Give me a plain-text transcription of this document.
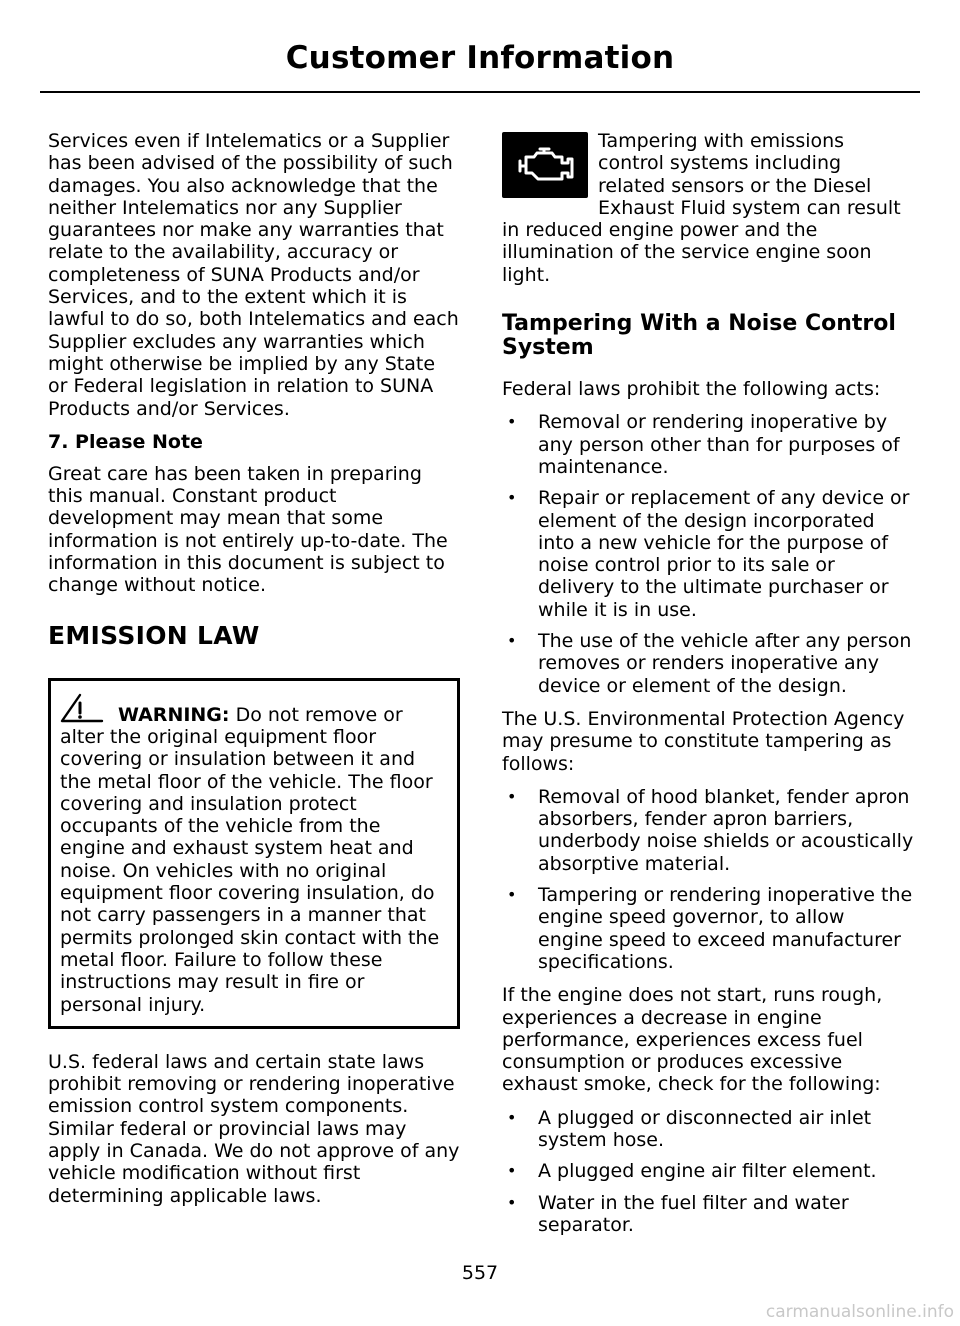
Customer Information

Services even if Intelematics or a Supplier has been advised of the possibility of such damages. You also acknowledge that the neither Intelematics nor any Supplier guarantees nor make any warranties that relate to the availability, accuracy or completeness of SUNA Products and/or Services, and to the extent which it is lawful to do so, both Intelematics and each Supplier excludes any warranties which might otherwise be implied by any State or Federal legislation in relation to SUNA Products and/or Services.

7. Please Note

Great care has been taken in preparing this manual. Constant product development may mean that some information is not entirely up-to-date. The information in this document is subject to change without notice.

EMISSION LAW
WARNING: Do not remove or alter the original equipment floor covering or insulation between it and the metal floor of the vehicle. The floor covering and insulation protect occupants of the vehicle from the engine and exhaust system heat and noise. On vehicles with no original equipment floor covering insulation, do not carry passengers in a manner that permits prolonged skin contact with the metal floor. Failure to follow these instructions may result in fire or personal injury.

U.S. federal laws and certain state laws prohibit removing or rendering inoperative emission control system components. Similar federal or provincial laws may apply in Canada. We do not approve of any vehicle modification without first determining applicable laws.

Tampering with emissions control systems including related sensors or the Diesel Exhaust Fluid system can result in reduced engine power and the illumination of the service engine soon light.

Tampering With a Noise Control System

Federal laws prohibit the following acts:

• Removal or rendering inoperative by any person other than for purposes of maintenance.
• Repair or replacement of any device or element of the design incorporated into a new vehicle for the purpose of noise control prior to its sale or delivery to the ultimate purchaser or while it is in use.
• The use of the vehicle after any person removes or renders inoperative any device or element of the design.

The U.S. Environmental Protection Agency may presume to constitute tampering as follows:

• Removal of hood blanket, fender apron absorbers, fender apron barriers, underbody noise shields or acoustically absorptive material.
• Tampering or rendering inoperative the engine speed governor, to allow engine speed to exceed manufacturer specifications.

If the engine does not start, runs rough, experiences a decrease in engine performance, experiences excess fuel consumption or produces excessive exhaust smoke, check for the following:

• A plugged or disconnected air inlet system hose.
• A plugged engine air filter element.
• Water in the fuel filter and water separator.
557
carmanualsonline.info
